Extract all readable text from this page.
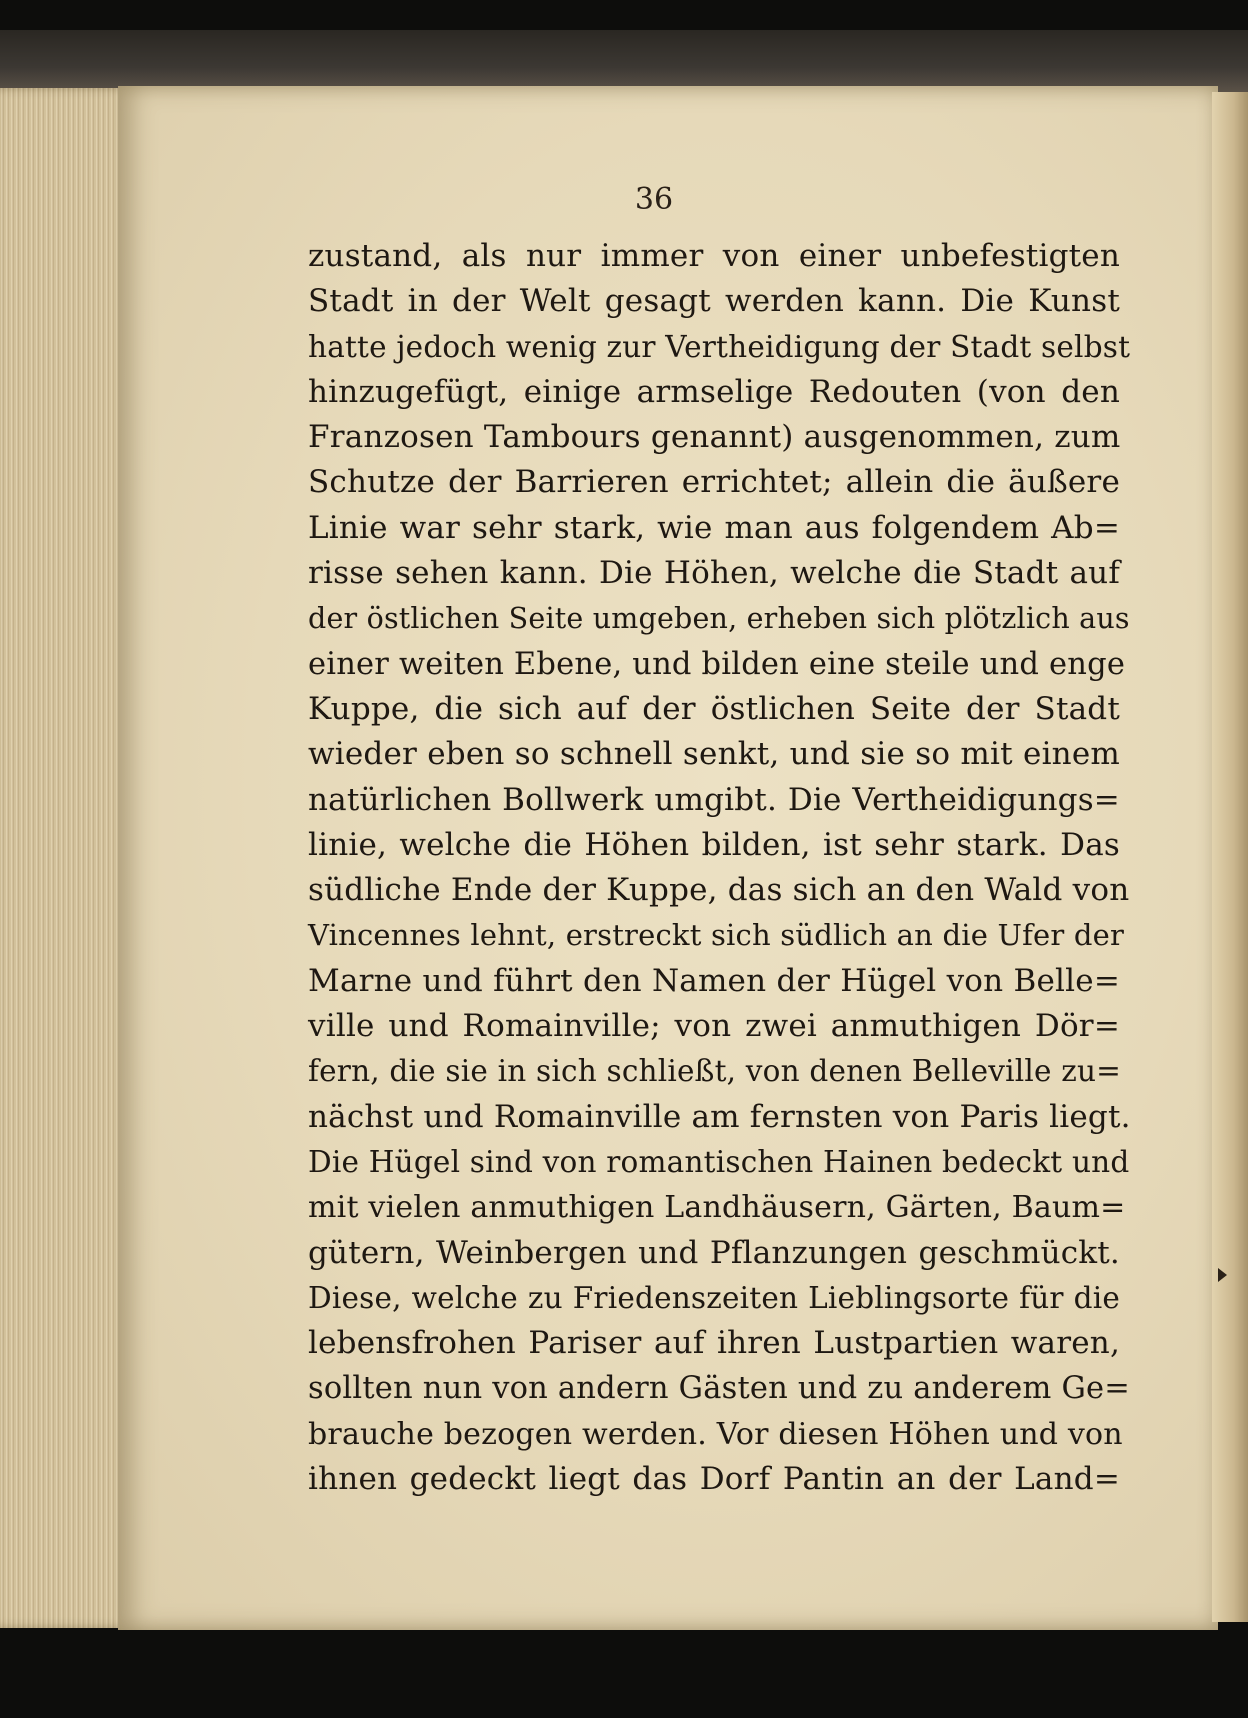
36
zustand, als nur immer von einer unbefestigten
Stadt in der Welt gesagt werden kann. Die Kunst
hatte jedoch wenig zur Vertheidigung der Stadt selbst
hinzugefügt, einige armselige Redouten (von den
Franzosen Tambours genannt) ausgenommen, zum
Schutze der Barrieren errichtet; allein die äußere
Linie war sehr stark, wie man aus folgendem Ab=
risse sehen kann. Die Höhen, welche die Stadt auf
der östlichen Seite umgeben, erheben sich plötzlich aus
einer weiten Ebene, und bilden eine steile und enge
Kuppe, die sich auf der östlichen Seite der Stadt
wieder eben so schnell senkt, und sie so mit einem
natürlichen Bollwerk umgibt. Die Vertheidigungs=
linie, welche die Höhen bilden, ist sehr stark. Das
südliche Ende der Kuppe, das sich an den Wald von
Vincennes lehnt, erstreckt sich südlich an die Ufer der
Marne und führt den Namen der Hügel von Belle=
ville und Romainville; von zwei anmuthigen Dör=
fern, die sie in sich schließt, von denen Belleville zu=
nächst und Romainville am fernsten von Paris liegt.
Die Hügel sind von romantischen Hainen bedeckt und
mit vielen anmuthigen Landhäusern, Gärten, Baum=
gütern, Weinbergen und Pflanzungen geschmückt.
Diese, welche zu Friedenszeiten Lieblingsorte für die
lebensfrohen Pariser auf ihren Lustpartien waren,
sollten nun von andern Gästen und zu anderem Ge=
brauche bezogen werden. Vor diesen Höhen und von
ihnen gedeckt liegt das Dorf Pantin an der Land=
